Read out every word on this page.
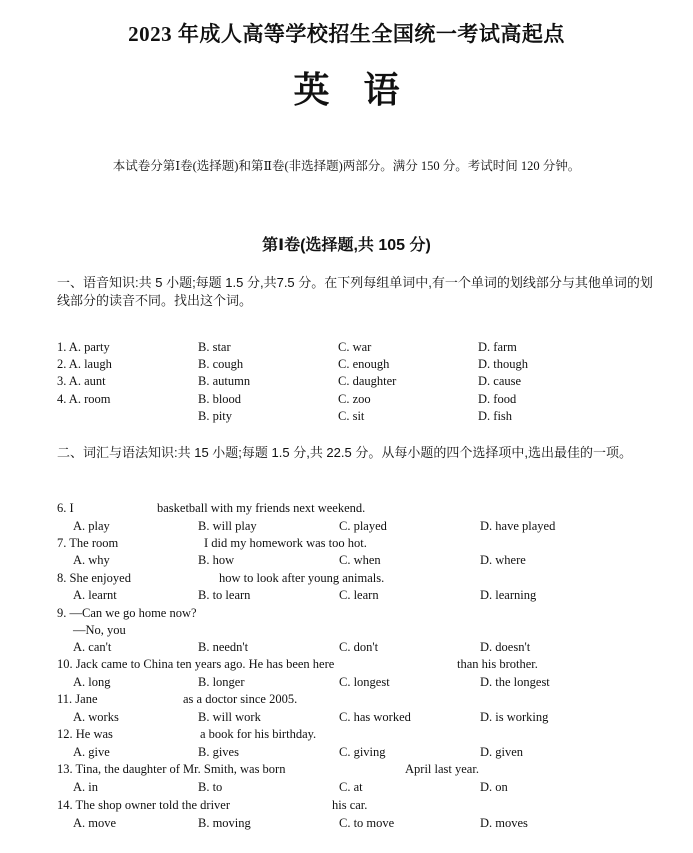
2023 年成人高等学校招生全国统一考试高起点
英 语
本试卷分第Ⅰ卷(选择题)和第Ⅱ卷(非选择题)两部分。满分 150 分。考试时间 120 分钟。
第Ⅰ卷(选择题,共 105 分)
一、语音知识:共 5 小题;每题 1.5 分,共7.5 分。在下列每组单词中,有一个单词的划线部分与其他单词的划线部分的读音不同。找出这个词。
1. A. party	B. star	C. war	D. farm
2. A. laugh	B. cough	C. enough	D. though
3. A. aunt	B. autumn	C. daughter	D. cause
4. A. room	B. blood	C. zoo	D. food
B. pity	C. sit	D. fish
二、词汇与语法知识:共 15 小题;每题 1.5 分,共 22.5 分。从每小题的四个选择项中,选出最佳的一项。
6. I	basketball with my friends next weekend.
A. play	B. will play	C. played	D. have played
7. The room	I did my homework was too hot.
A. why	B. how	C. when	D. where
8. She enjoyed	how to look after young animals.
A. learnt	B. to learn	C. learn	D. learning
9. —Can we go home now?
—No, you
A. can't	B. needn't	C. don't	D. doesn't
10. Jack came to China ten years ago. He has been here	than his brother.
A. long	B. longer	C. longest	D. the longest
11. Jane	as a doctor since 2005.
A. works	B. will work	C. has worked	D. is working
12. He was	a book for his birthday.
A. give	B. gives	C. giving	D. given
13. Tina, the daughter of Mr. Smith, was born	April last year.
A. in	B. to	C. at	D. on
14. The shop owner told the driver	his car.
A. move	B. moving	C. to move	D. moves
